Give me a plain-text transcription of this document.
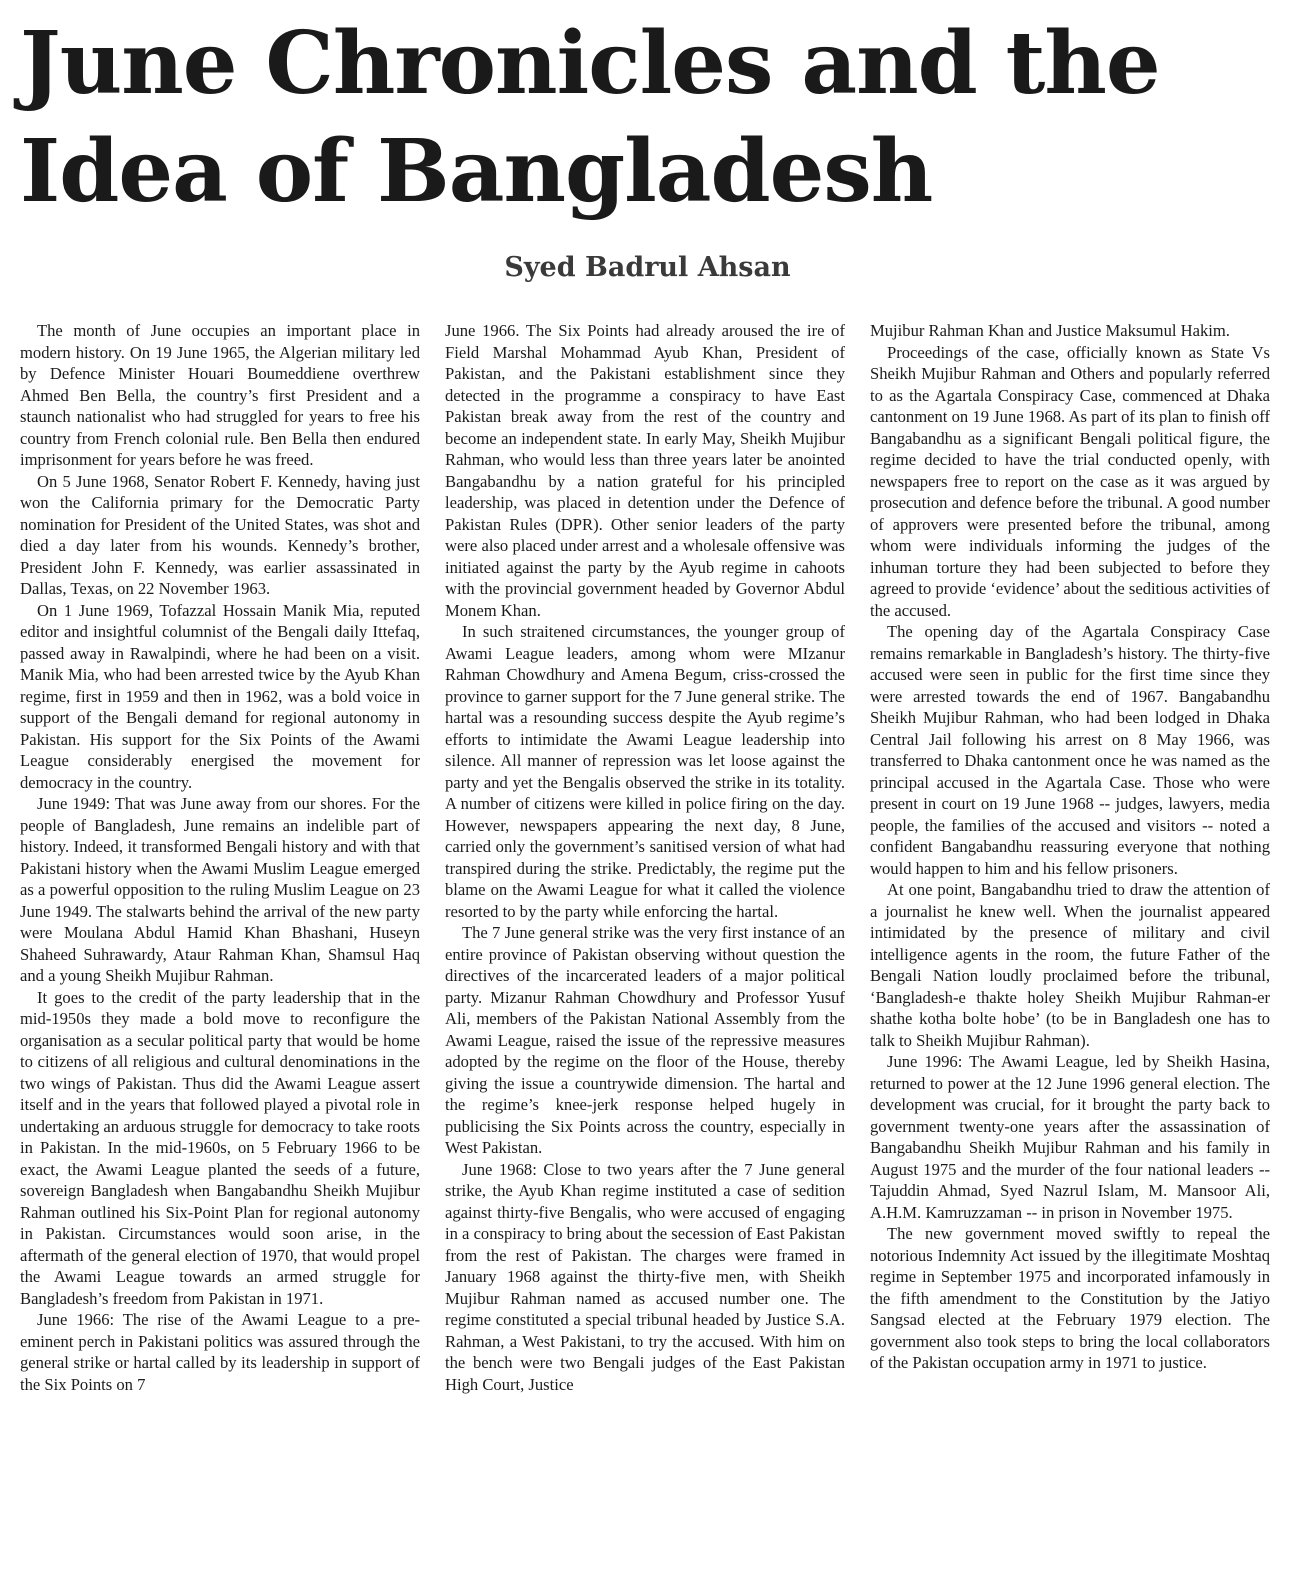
June Chronicles and the Idea of Bangladesh
Syed Badrul Ahsan

The month of June occupies an important place in modern history. On 19 June 1965, the Algerian military led by Defence Minister Houari Boumeddiene overthrew Ahmed Ben Bella, the country’s first President and a staunch nationalist who had struggled for years to free his country from French colonial rule. Ben Bella then endured imprisonment for years before he was freed.

On 5 June 1968, Senator Robert F. Kennedy, having just won the California primary for the Democratic Party nomination for President of the United States, was shot and died a day later from his wounds. Kennedy’s brother, President John F. Kennedy, was earlier assassinated in Dallas, Texas, on 22 November 1963.

On 1 June 1969, Tofazzal Hossain Manik Mia, reputed editor and insightful columnist of the Bengali daily Ittefaq, passed away in Rawalpindi, where he had been on a visit. Manik Mia, who had been arrested twice by the Ayub Khan regime, first in 1959 and then in 1962, was a bold voice in support of the Bengali demand for regional autonomy in Pakistan. His support for the Six Points of the Awami League considerably energised the movement for democracy in the country.

June 1949: That was June away from our shores. For the people of Bangladesh, June remains an indelible part of history. Indeed, it transformed Bengali history and with that Pakistani history when the Awami Muslim League emerged as a powerful opposition to the ruling Muslim League on 23 June 1949. The stalwarts behind the arrival of the new party were Moulana Abdul Hamid Khan Bhashani, Huseyn Shaheed Suhrawardy, Ataur Rahman Khan, Shamsul Haq and a young Sheikh Mujibur Rahman.

It goes to the credit of the party leadership that in the mid-1950s they made a bold move to reconfigure the organisation as a secular political party that would be home to citizens of all religious and cultural denominations in the two wings of Pakistan. Thus did the Awami League assert itself and in the years that followed played a pivotal role in undertaking an arduous struggle for democracy to take roots in Pakistan. In the mid-1960s, on 5 February 1966 to be exact, the Awami League planted the seeds of a future, sovereign Bangladesh when Bangabandhu Sheikh Mujibur Rahman outlined his Six-Point Plan for regional autonomy in Pakistan. Circumstances would soon arise, in the aftermath of the general election of 1970, that would propel the Awami League towards an armed struggle for Bangladesh’s freedom from Pakistan in 1971.

June 1966: The rise of the Awami League to a pre-eminent perch in Pakistani politics was assured through the general strike or hartal called by its leadership in support of the Six Points on 7

June 1966. The Six Points had already aroused the ire of Field Marshal Mohammad Ayub Khan, President of Pakistan, and the Pakistani establishment since they detected in the programme a conspiracy to have East Pakistan break away from the rest of the country and become an independent state. In early May, Sheikh Mujibur Rahman, who would less than three years later be anointed Bangabandhu by a nation grateful for his principled leadership, was placed in detention under the Defence of Pakistan Rules (DPR). Other senior leaders of the party were also placed under arrest and a wholesale offensive was initiated against the party by the Ayub regime in cahoots with the provincial government headed by Governor Abdul Monem Khan.

In such straitened circumstances, the younger group of Awami League leaders, among whom were MIzanur Rahman Chowdhury and Amena Begum, criss-crossed the province to garner support for the 7 June general strike. The hartal was a resounding success despite the Ayub regime’s efforts to intimidate the Awami League leadership into silence. All manner of repression was let loose against the party and yet the Bengalis observed the strike in its totality. A number of citizens were killed in police firing on the day. However, newspapers appearing the next day, 8 June, carried only the government’s sanitised version of what had transpired during the strike. Predictably, the regime put the blame on the Awami League for what it called the violence resorted to by the party while enforcing the hartal.

The 7 June general strike was the very first instance of an entire province of Pakistan observing without question the directives of the incarcerated leaders of a major political party. Mizanur Rahman Chowdhury and Professor Yusuf Ali, members of the Pakistan National Assembly from the Awami League, raised the issue of the repressive measures adopted by the regime on the floor of the House, thereby giving the issue a countrywide dimension. The hartal and the regime’s knee-jerk response helped hugely in publicising the Six Points across the country, especially in West Pakistan.

June 1968: Close to two years after the 7 June general strike, the Ayub Khan regime instituted a case of sedition against thirty-five Bengalis, who were accused of engaging in a conspiracy to bring about the secession of East Pakistan from the rest of Pakistan. The charges were framed in January 1968 against the thirty-five men, with Sheikh Mujibur Rahman named as accused number one. The regime constituted a special tribunal headed by Justice S.A. Rahman, a West Pakistani, to try the accused. With him on the bench were two Bengali judges of the East Pakistan High Court, Justice

Mujibur Rahman Khan and Justice Maksumul Hakim.

Proceedings of the case, officially known as State Vs Sheikh Mujibur Rahman and Others and popularly referred to as the Agartala Conspiracy Case, commenced at Dhaka cantonment on 19 June 1968. As part of its plan to finish off Bangabandhu as a significant Bengali political figure, the regime decided to have the trial conducted openly, with newspapers free to report on the case as it was argued by prosecution and defence before the tribunal. A good number of approvers were presented before the tribunal, among whom were individuals informing the judges of the inhuman torture they had been subjected to before they agreed to provide ‘evidence’ about the seditious activities of the accused.

The opening day of the Agartala Conspiracy Case remains remarkable in Bangladesh’s history. The thirty-five accused were seen in public for the first time since they were arrested towards the end of 1967. Bangabandhu Sheikh Mujibur Rahman, who had been lodged in Dhaka Central Jail following his arrest on 8 May 1966, was transferred to Dhaka cantonment once he was named as the principal accused in the Agartala Case. Those who were present in court on 19 June 1968 -- judges, lawyers, media people, the families of the accused and visitors -- noted a confident Bangabandhu reassuring everyone that nothing would happen to him and his fellow prisoners.

At one point, Bangabandhu tried to draw the attention of a journalist he knew well. When the journalist appeared intimidated by the presence of military and civil intelligence agents in the room, the future Father of the Bengali Nation loudly proclaimed before the tribunal, ‘Bangladesh-e thakte holey Sheikh Mujibur Rahman-er shathe kotha bolte hobe’ (to be in Bangladesh one has to talk to Sheikh Mujibur Rahman).

June 1996: The Awami League, led by Sheikh Hasina, returned to power at the 12 June 1996 general election. The development was crucial, for it brought the party back to government twenty-one years after the assassination of Bangabandhu Sheikh Mujibur Rahman and his family in August 1975 and the murder of the four national leaders -- Tajuddin Ahmad, Syed Nazrul Islam, M. Mansoor Ali, A.H.M. Kamruzzaman -- in prison in November 1975.

The new government moved swiftly to repeal the notorious Indemnity Act issued by the illegitimate Moshtaq regime in September 1975 and incorporated infamously in the fifth amendment to the Constitution by the Jatiyo Sangsad elected at the February 1979 election. The government also took steps to bring the local collaborators of the Pakistan occupation army in 1971 to justice.
